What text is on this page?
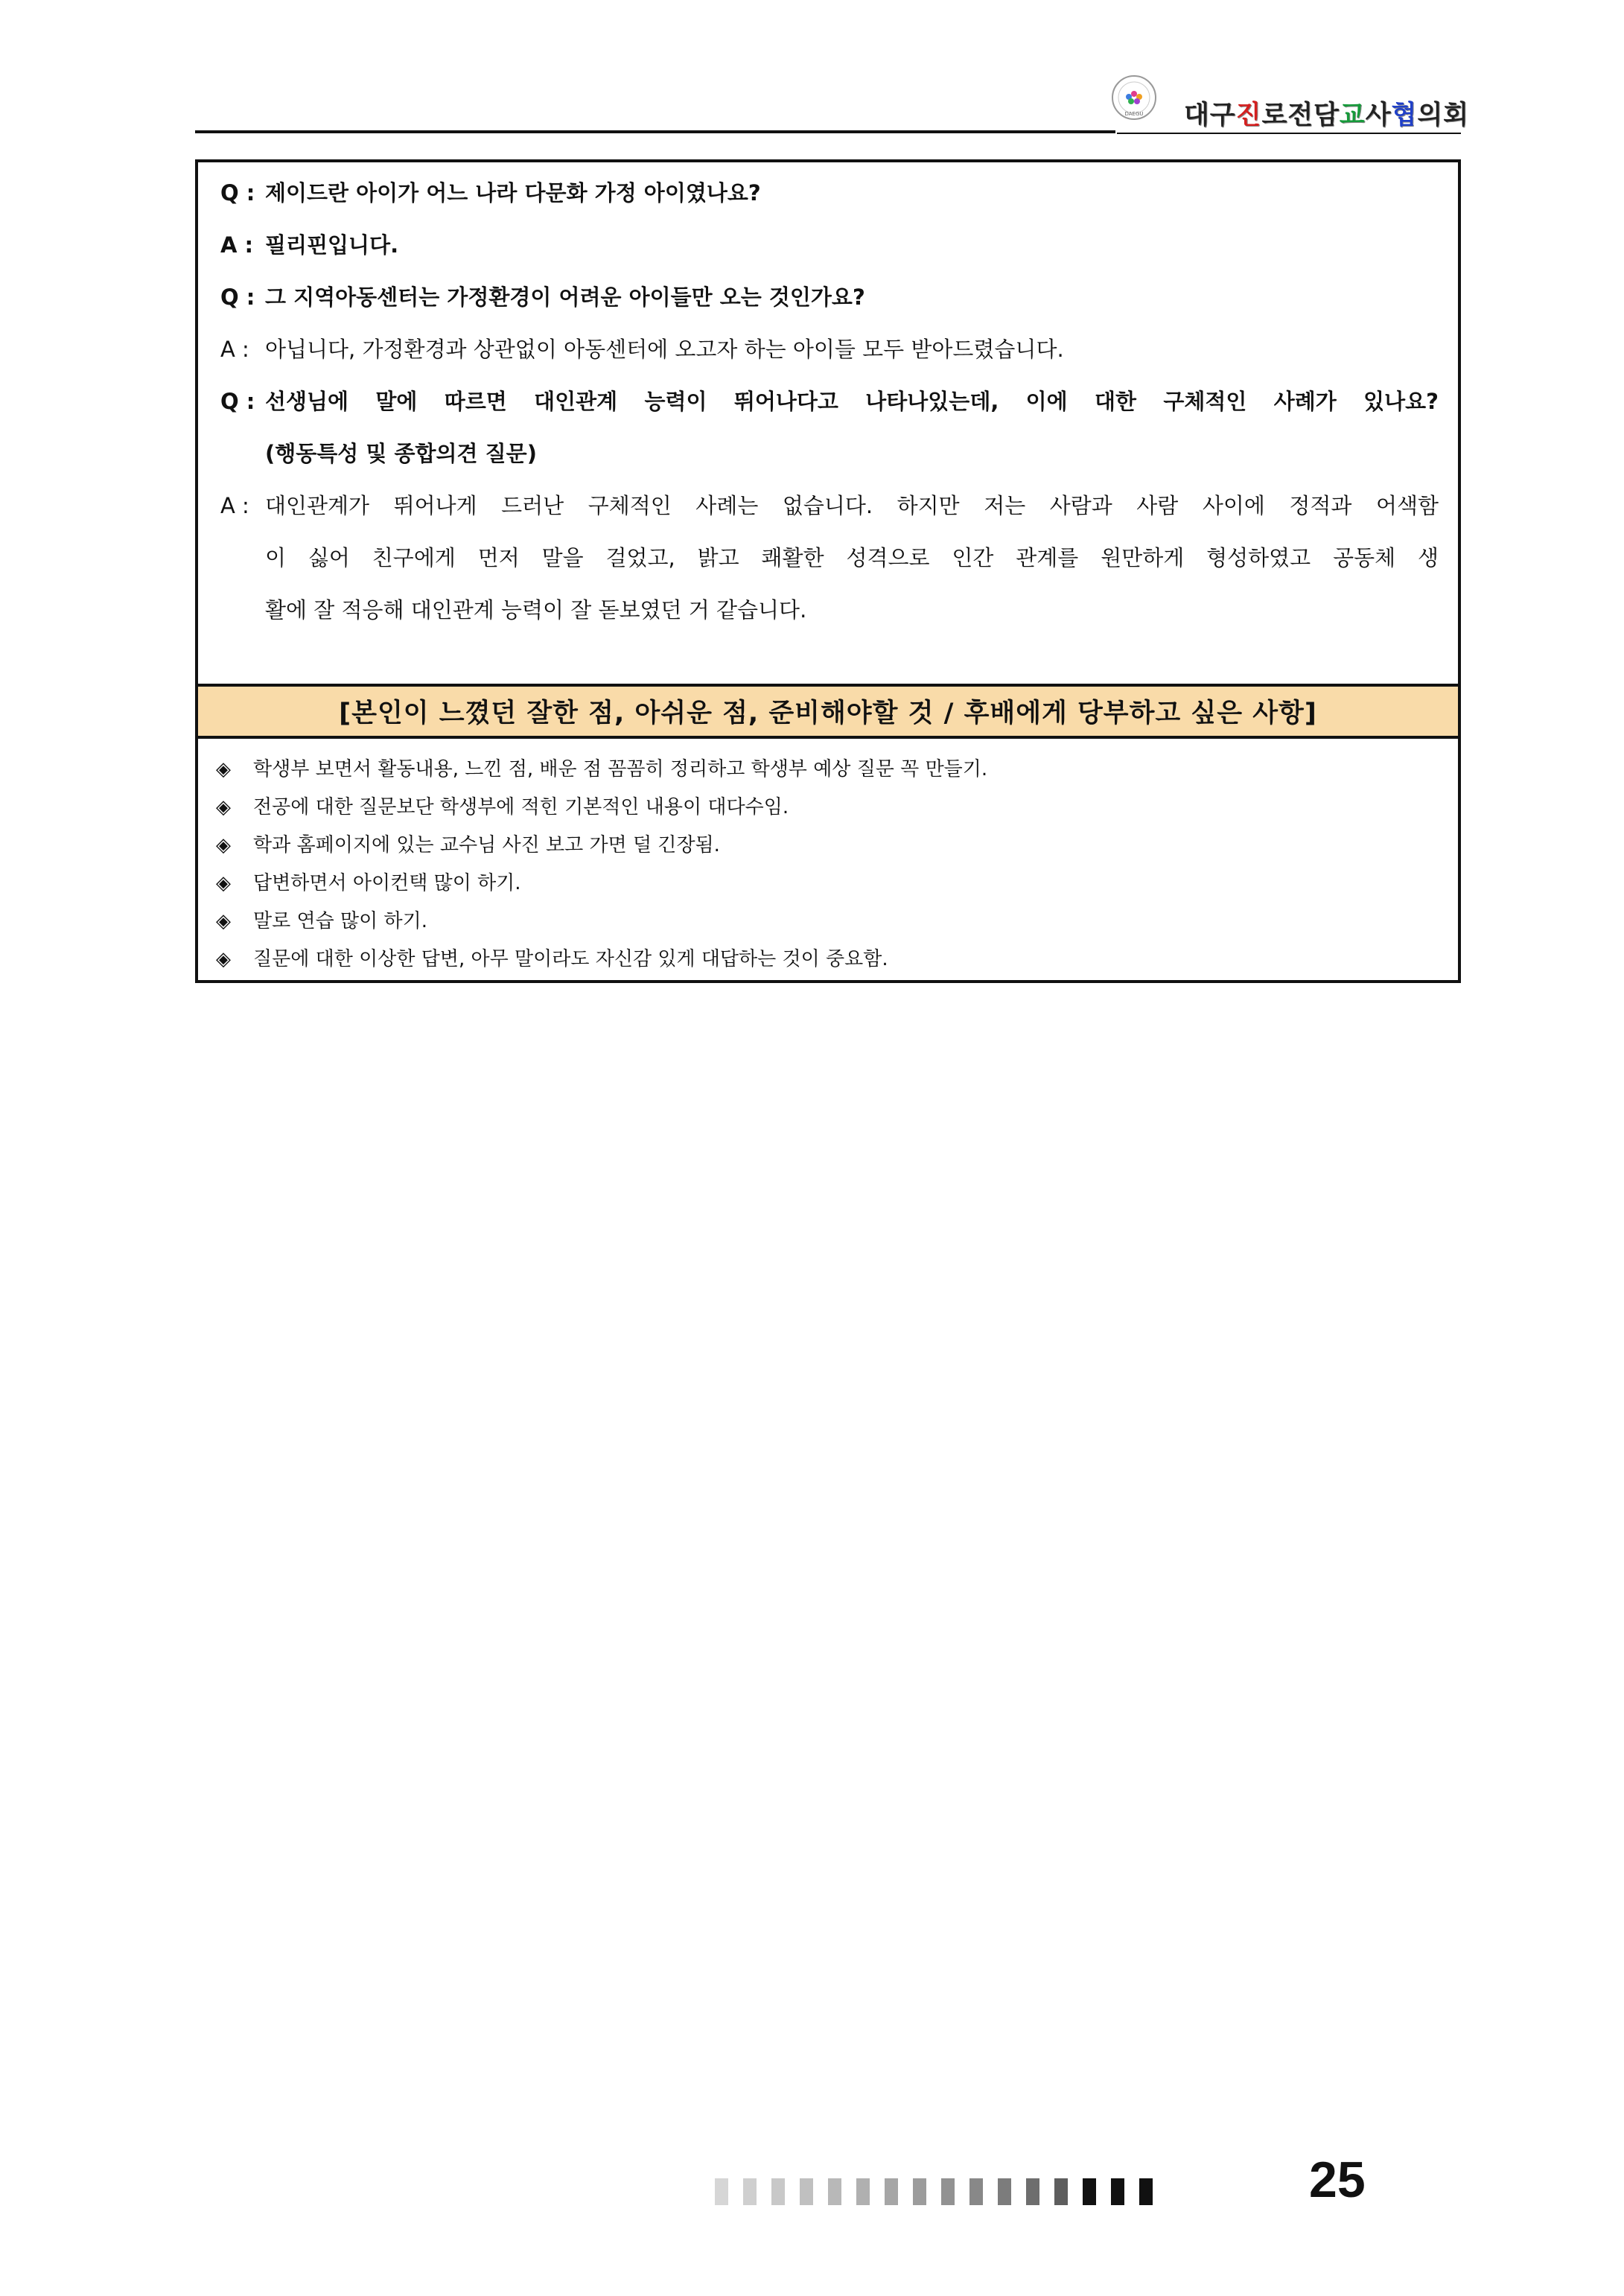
DAEGU 대구진로전담교사협의회
Q : 제이드란 아이가 어느 나라 다문화 가정 아이였나요?
A : 필리핀입니다.
Q : 그 지역아동센터는 가정환경이 어려운 아이들만 오는 것인가요?
A : 아닙니다, 가정환경과 상관없이 아동센터에 오고자 하는 아이들 모두 받아드렸습니다.
Q : 선생님에 말에 따르면 대인관계 능력이 뛰어나다고 나타나있는데, 이에 대한 구체적인 사례가 있나요?
(행동특성 및 종합의견 질문)
A : 대인관계가 뛰어나게 드러난 구체적인 사례는 없습니다. 하지만 저는 사람과 사람 사이에 정적과 어색함
이 싫어 친구에게 먼저 말을 걸었고, 밝고 쾌활한 성격으로 인간 관계를 원만하게 형성하였고 공동체 생
활에 잘 적응해 대인관계 능력이 잘 돋보였던 거 같습니다.
[본인이 느꼈던 잘한 점, 아쉬운 점, 준비해야할 것 / 후배에게 당부하고 싶은 사항]
◈	학생부 보면서 활동내용, 느낀 점, 배운 점 꼼꼼히 정리하고 학생부 예상 질문 꼭 만들기.
◈	전공에 대한 질문보단 학생부에 적힌 기본적인 내용이 대다수임.
◈	학과 홈페이지에 있는 교수님 사진 보고 가면 덜 긴장됨.
◈	답변하면서 아이컨택 많이 하기.
◈	말로 연습 많이 하기.
◈	질문에 대한 이상한 답변, 아무 말이라도 자신감 있게 대답하는 것이 중요함.
25
